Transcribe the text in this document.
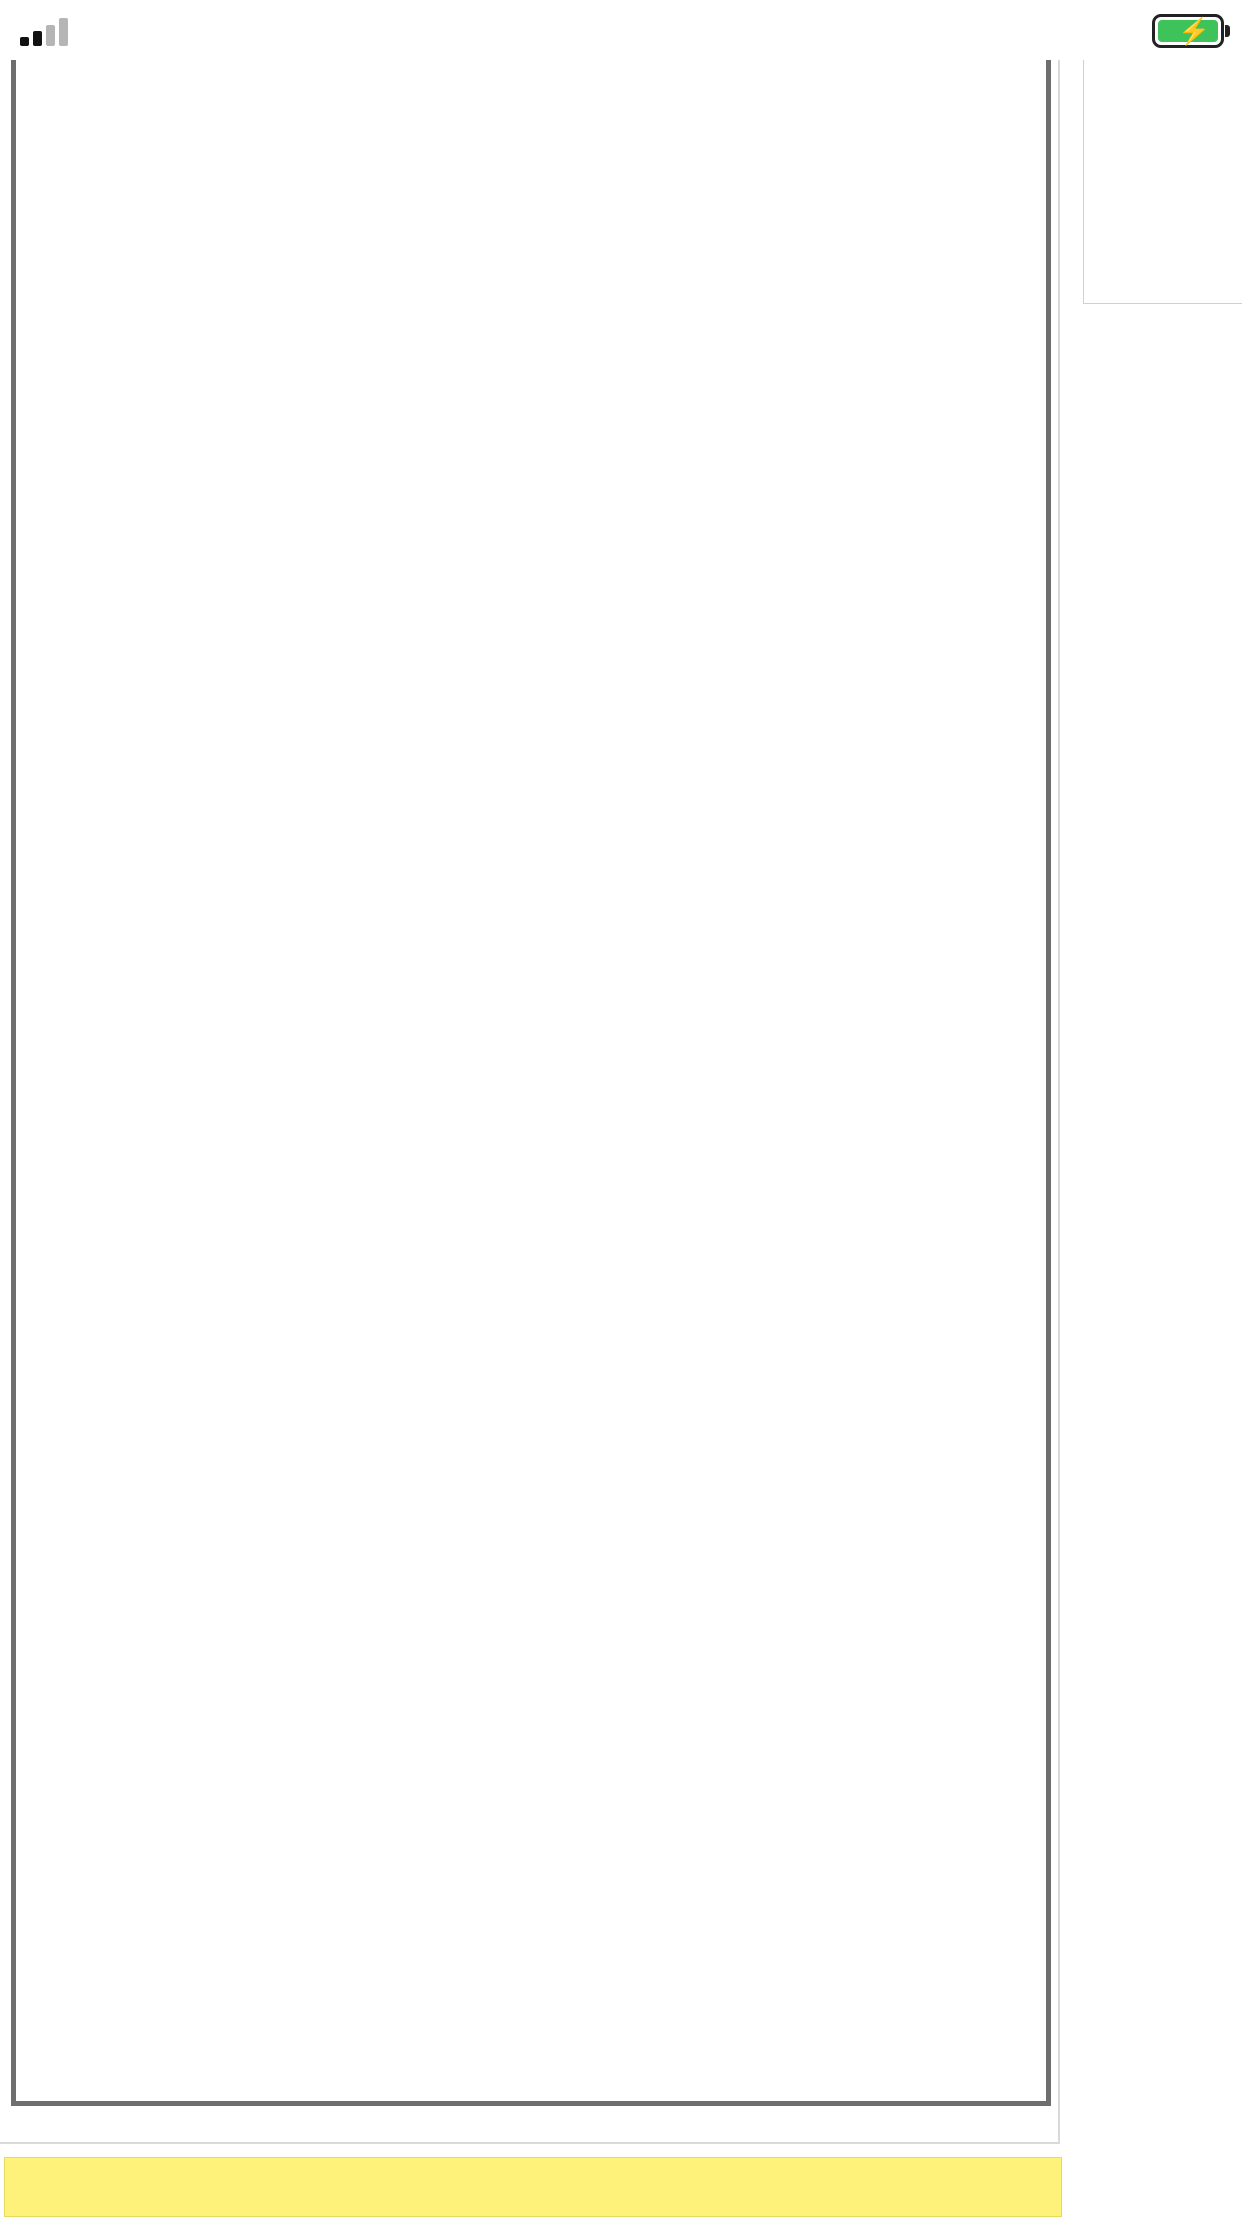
⚡
